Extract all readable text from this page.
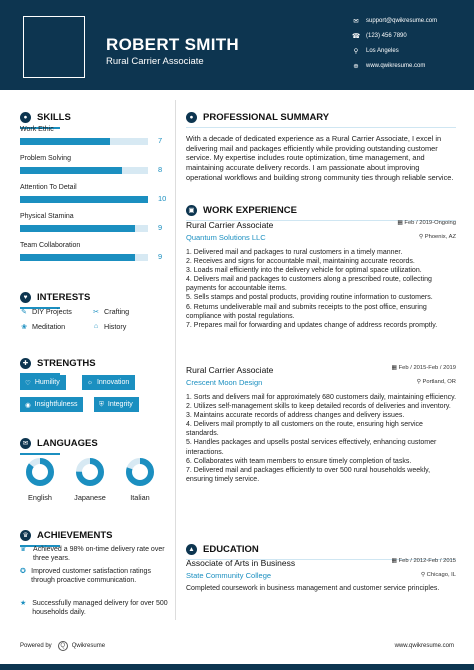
ROBERT SMITH
Rural Carrier Associate
✉ support@qwikresume.com
☎ (123) 456 7890
⚲ Los Angeles
⊕ www.qwikresume.com
●	SKILLS
Work Ethic
7
Problem Solving
8
Attention To Detail
10
Physical Stamina
9
Team Collaboration
9
♥	INTERESTS
✎ DIY Projects	✂ Crafting
❀ Meditation	⌂ History
✚ STRENGTHS
♡ Humility	☼ Innovation
◉ Insightfulness	⛨ Integrity
✉ LANGUAGES
English	Japanese	Italian
♛ ACHIEVEMENTS
♛ Achieved a 98% on-time delivery rate over three years.
✪ Improved customer satisfaction ratings through proactive communication.
★ Successfully managed delivery for over 500 households daily.
●	PROFESSIONAL SUMMARY
With a decade of dedicated experience as a Rural Carrier Associate, I excel in delivering mail and packages efficiently while providing outstanding customer service. My expertise includes route optimization, time management, and maintaining accurate delivery records. I am passionate about improving operational workflows and building strong community ties through reliable service.
▣ WORK EXPERIENCE
Rural Carrier Associate	▦ Feb / 2019-Ongoing
Quantum Solutions LLC	⚲ Phoenix, AZ
1. Delivered mail and packages to rural customers in a timely manner.
2. Receives and signs for accountable mail, maintaining accurate records.
3. Loads mail efficiently into the delivery vehicle for optimal space utilization.
4. Delivers mail and packages to customers along a prescribed route, collecting payments for accountable items.
5. Sells stamps and postal products, providing routine information to customers.
6. Returns undeliverable mail and submits receipts to the post office, ensuring compliance with postal regulations.
7. Prepares mail for forwarding and updates change of address records promptly.
Rural Carrier Associate	▦ Feb / 2015-Feb / 2019
Crescent Moon Design	⚲ Portland, OR
1. Sorts and delivers mail for approximately 680 customers daily, maintaining efficiency.
2. Utilizes self-management skills to keep detailed records of deliveries and inventory.
3. Maintains accurate records of address changes and delivery issues.
4. Delivers mail promptly to all customers on the route, ensuring high service standards.
5. Handles packages and upsells postal services effectively, enhancing customer interactions.
6. Collaborates with team members to ensure timely completion of tasks.
7. Delivered mail and packages efficiently to over 500 rural households weekly, ensuring timely service.
▲ EDUCATION
Associate of Arts in Business	▦ Feb / 2012-Feb / 2015
State Community College	⚲ Chicago, IL
Completed coursework in business management and customer service principles.
Powered by	Q	Qwikresume	www.qwikresume.com
